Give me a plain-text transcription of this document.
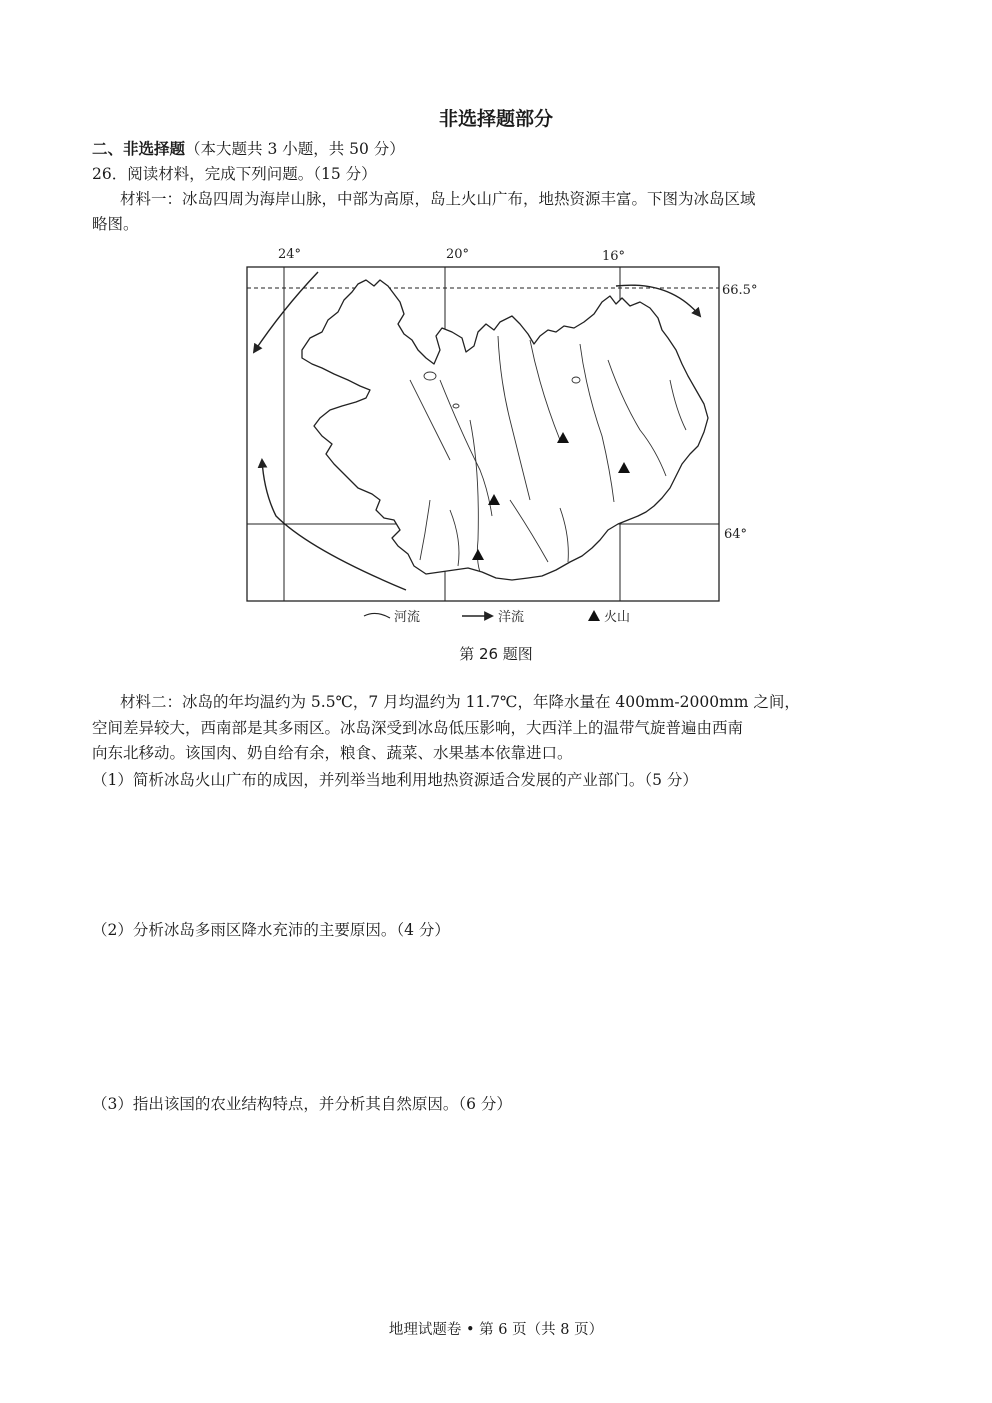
非选择题部分
二、非选择题（本大题共 3 小题，共 50 分）
26．阅读材料，完成下列问题。（15 分）
材料一：冰岛四周为海岸山脉，中部为高原，岛上火山广布，地热资源丰富。下图为冰岛区域
略图。
24°	20°	16°
66.5°
64°
河流	洋流	火山
第 26 题图
材料二：冰岛的年均温约为 5.5℃，7 月均温约为 11.7℃，年降水量在 400mm-2000mm 之间，
空间差异较大，西南部是其多雨区。冰岛深受到冰岛低压影响，大西洋上的温带气旋普遍由西南
向东北移动。该国肉、奶自给有余，粮食、蔬菜、水果基本依靠进口。
（1）简析冰岛火山广布的成因，并列举当地利用地热资源适合发展的产业部门。（5 分）
（2）分析冰岛多雨区降水充沛的主要原因。（4 分）
（3）指出该国的农业结构特点，并分析其自然原因。（6 分）
地理试题卷 • 第 6 页（共 8 页）
